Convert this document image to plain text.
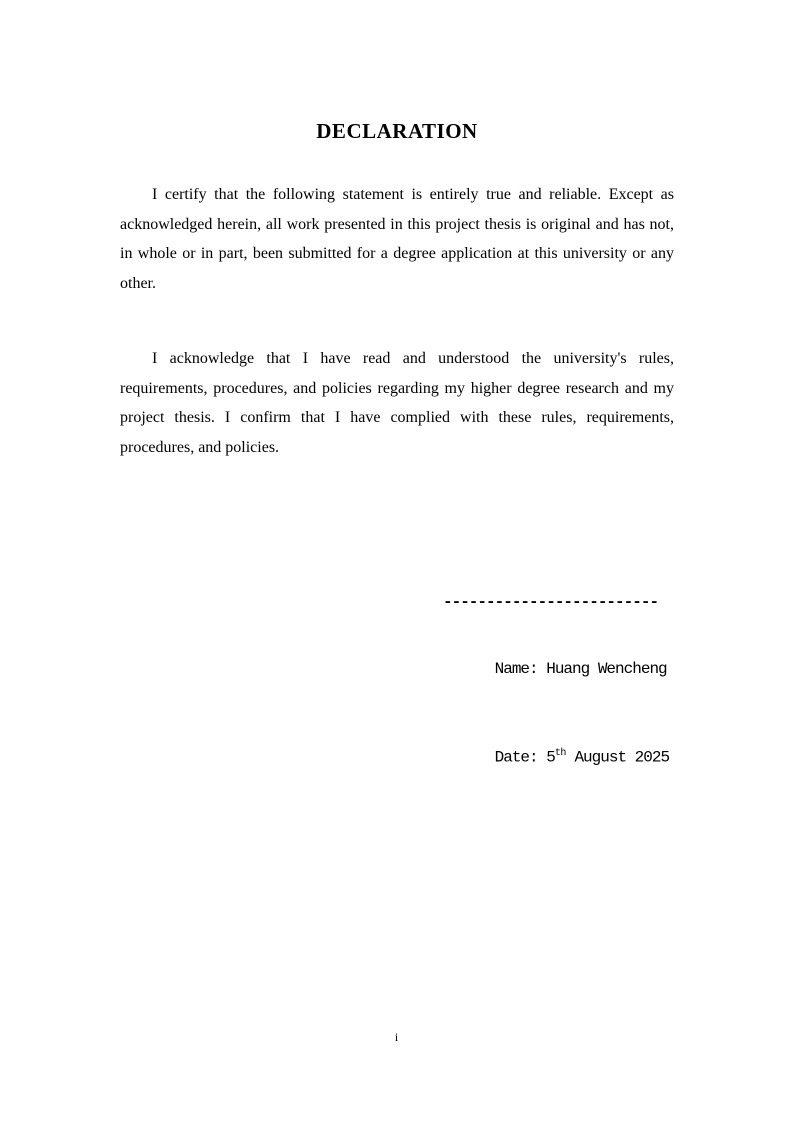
DECLARATION

I certify that the following statement is entirely true and reliable. Except as acknowledged herein, all work presented in this project thesis is original and has not, in whole or in part, been submitted for a degree application at this university or any other.

I acknowledge that I have read and understood the university's rules, requirements, procedures, and policies regarding my higher degree research and my project thesis. I confirm that I have complied with these rules, requirements, procedures, and policies.

-------------------------

Name: Huang Wencheng

Date: 5th August 2025

i
